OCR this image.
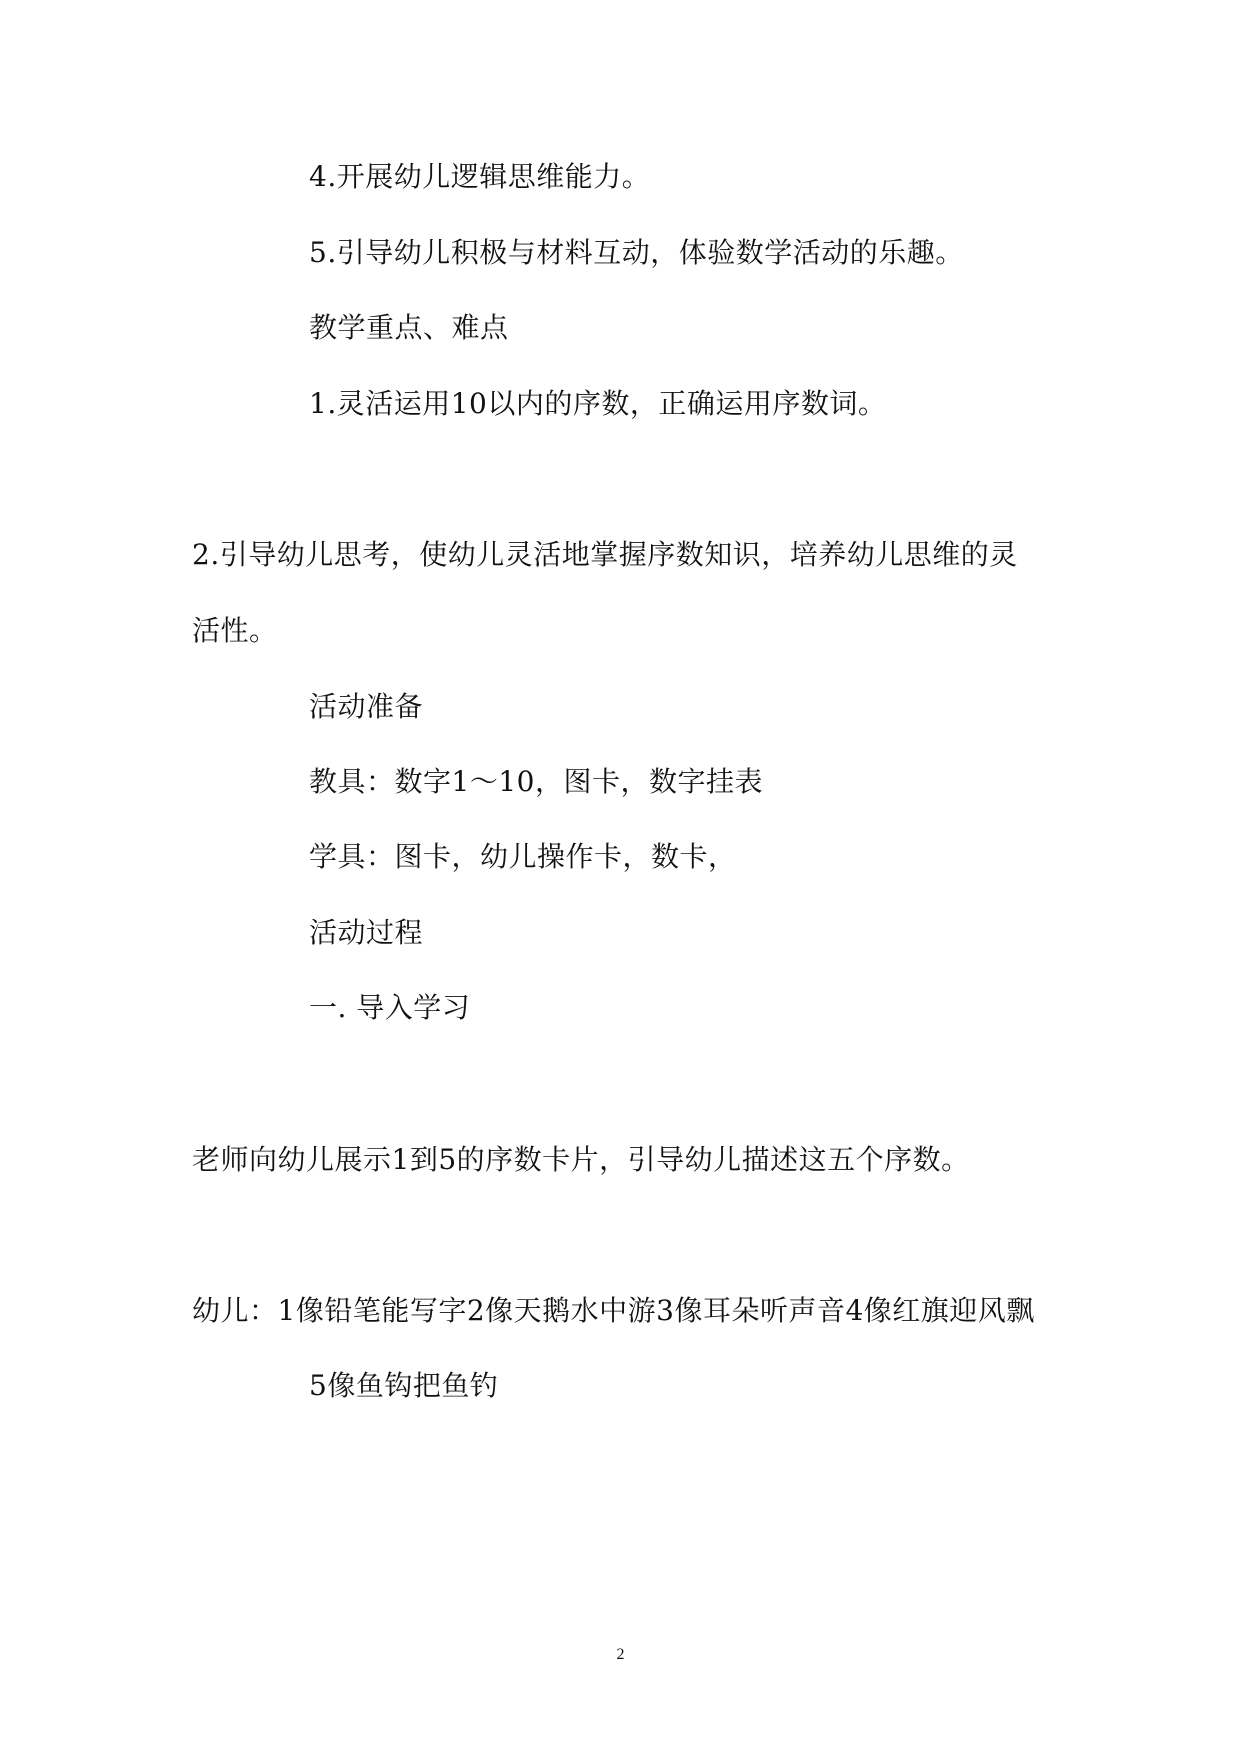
4.开展幼儿逻辑思维能力。
5.引导幼儿积极与材料互动，体验数学活动的乐趣。
教学重点、难点
1.灵活运用10以内的序数，正确运用序数词。
2.引导幼儿思考，使幼儿灵活地掌握序数知识，培养幼儿思维的灵
活性。
活动准备
教具：数字1～10，图卡，数字挂表
学具：图卡，幼儿操作卡，数卡，
活动过程
一. 导入学习
老师向幼儿展示1到5的序数卡片，引导幼儿描述这五个序数。
幼儿：1像铅笔能写字2像天鹅水中游3像耳朵听声音4像红旗迎风飘
5像鱼钩把鱼钓
2
